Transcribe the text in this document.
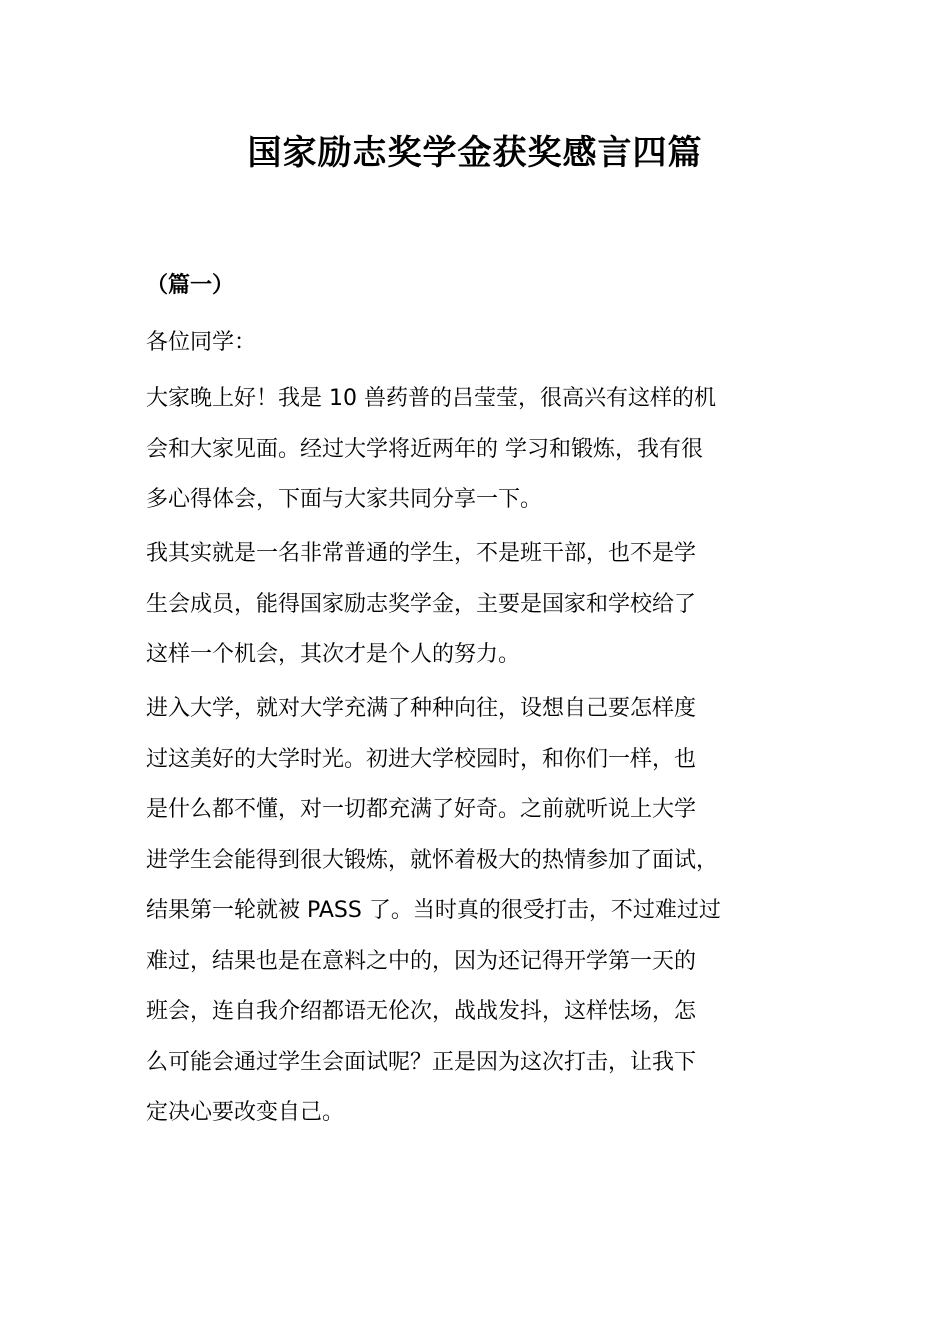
国家励志奖学金获奖感言四篇
（篇一）

各位同学：

大家晚上好！我是 10 兽药普的吕莹莹，很高兴有这样的机
会和大家见面。经过大学将近两年的 学习和锻炼，我有很
多心得体会，下面与大家共同分享一下。

我其实就是一名非常普通的学生，不是班干部，也不是学
生会成员，能得国家励志奖学金，主要是国家和学校给了
这样一个机会，其次才是个人的努力。

进入大学，就对大学充满了种种向往，设想自己要怎样度
过这美好的大学时光。初进大学校园时，和你们一样，也
是什么都不懂，对一切都充满了好奇。之前就听说上大学
进学生会能得到很大锻炼，就怀着极大的热情参加了面试，
结果第一轮就被 PASS 了。当时真的很受打击，不过难过过
难过，结果也是在意料之中的，因为还记得开学第一天的
班会，连自我介绍都语无伦次，战战发抖，这样怯场，怎
么可能会通过学生会面试呢？正是因为这次打击，让我下
定决心要改变自己。
